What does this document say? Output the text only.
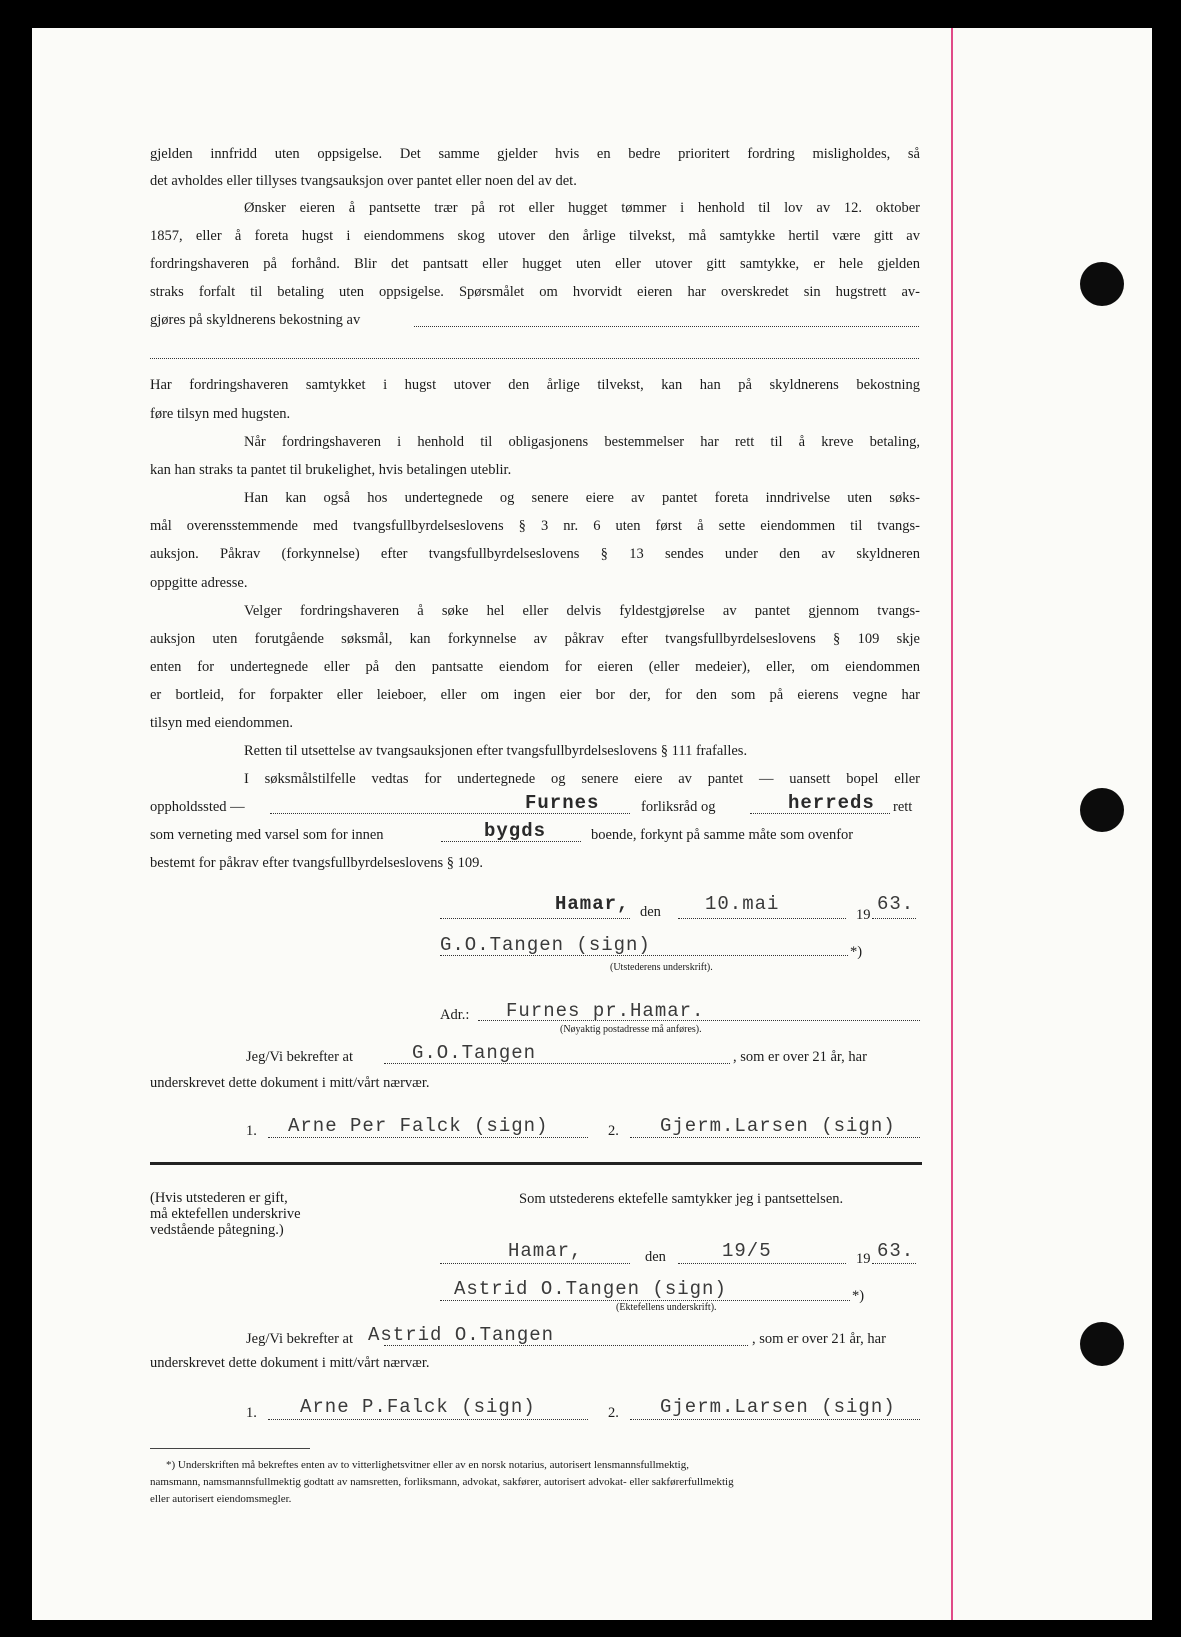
gjelden innfridd uten oppsigelse. Det samme gjelder hvis en bedre prioritert fordring misligholdes, så
det avholdes eller tillyses tvangsauksjon over pantet eller noen del av det.
Ønsker eieren å pantsette trær på rot eller hugget tømmer i henhold til lov av 12. oktober
1857, eller å foreta hugst i eiendommens skog utover den årlige tilvekst, må samtykke hertil være gitt av
fordringshaveren på forhånd. Blir det pantsatt eller hugget uten eller utover gitt samtykke, er hele gjelden
straks forfalt til betaling uten oppsigelse. Spørsmålet om hvorvidt eieren har overskredet sin hugstrett av-
gjøres på skyldnerens bekostning av
Har fordringshaveren samtykket i hugst utover den årlige tilvekst, kan han på skyldnerens bekostning
føre tilsyn med hugsten.
Når fordringshaveren i henhold til obligasjonens bestemmelser har rett til å kreve betaling,
kan han straks ta pantet til brukelighet, hvis betalingen uteblir.
Han kan også hos undertegnede og senere eiere av pantet foreta inndrivelse uten søks-
mål overensstemmende med tvangsfullbyrdelseslovens § 3 nr. 6 uten først å sette eiendommen til tvangs-
auksjon. Påkrav (forkynnelse) efter tvangsfullbyrdelseslovens § 13 sendes under den av skyldneren
oppgitte adresse.
Velger fordringshaveren å søke hel eller delvis fyldestgjørelse av pantet gjennom tvangs-
auksjon uten forutgående søksmål, kan forkynnelse av påkrav efter tvangsfullbyrdelseslovens § 109 skje
enten for undertegnede eller på den pantsatte eiendom for eieren (eller medeier), eller, om eiendommen
er bortleid, for forpakter eller leieboer, eller om ingen eier bor der, for den som på eierens vegne har
tilsyn med eiendommen.
Retten til utsettelse av tvangsauksjonen efter tvangsfullbyrdelseslovens § 111 frafalles.
I søksmålstilfelle vedtas for undertegnede og senere eiere av pantet — uansett bopel eller
oppholdssted —	Furnes	forliksråd og	herreds rett
som verneting med varsel som for innen	bygds	boende, forkynt på samme måte som ovenfor
bestemt for påkrav efter tvangsfullbyrdelseslovens § 109.
Hamar, den 10.mai	19 63.
G.O.Tangen (sign)	*)
(Utstederens underskrift).
Adr.: Furnes pr.Hamar.
(Nøyaktig postadresse må anføres).
Jeg/Vi bekrefter at	G.O.Tangen	, som er over 21 år, har
underskrevet dette dokument i mitt/vårt nærvær.
1. Arne Per Falck (sign)	2. Gjerm.Larsen (sign)
(Hvis utstederen er gift,
må ektefellen underskrive
vedstående påtegning.)
Som utstederens ektefelle samtykker jeg i pantsettelsen.
Hamar,	den	19/5	19 63.
Astrid O.Tangen (sign)	*)
(Ektefellens underskrift).
Jeg/Vi bekrefter at Astrid O.Tangen	, som er over 21 år, har
underskrevet dette dokument i mitt/vårt nærvær.
1. Arne P.Falck (sign)	2. Gjerm.Larsen (sign)
*) Underskriften må bekreftes enten av to vitterlighetsvitner eller av en norsk notarius, autorisert lensmannsfullmektig,
namsmann, namsmannsfullmektig godtatt av namsretten, forliksmann, advokat, sakfører, autorisert advokat- eller sakførerfullmektig
eller autorisert eiendomsmegler.
